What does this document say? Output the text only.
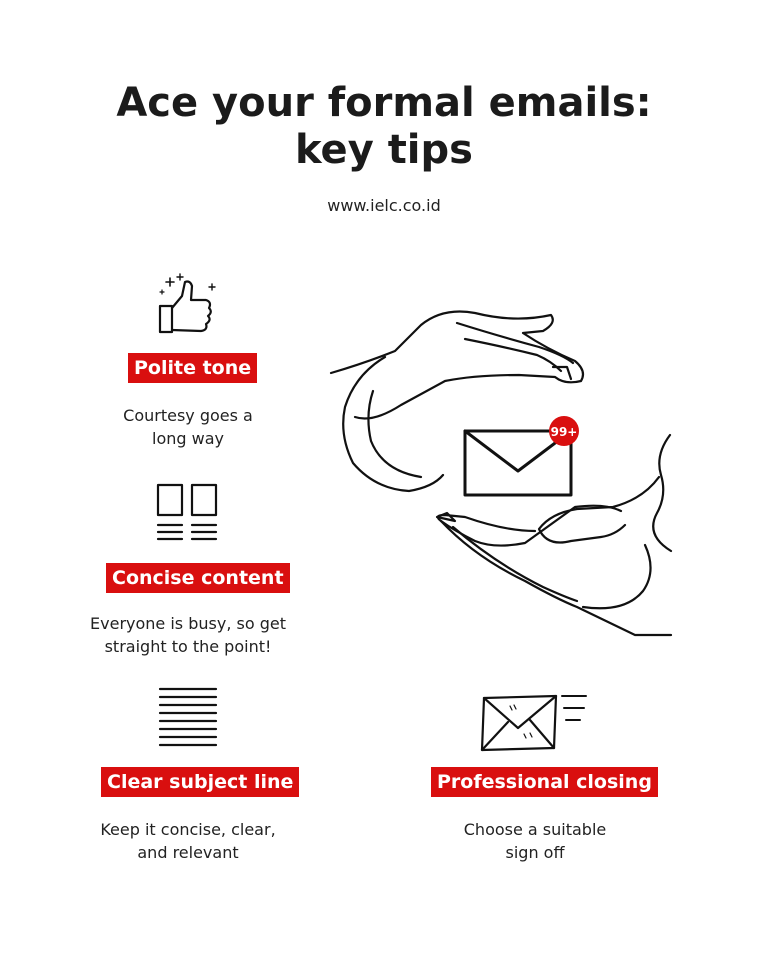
Ace your formal emails:
key tips
www.ielc.co.id
Polite tone
Courtesy goes a
long way
Concise content
Everyone is busy, so get
straight to the point!
Clear subject line
Keep it concise, clear,
and relevant
Professional closing
Choose a suitable
sign off
99+
